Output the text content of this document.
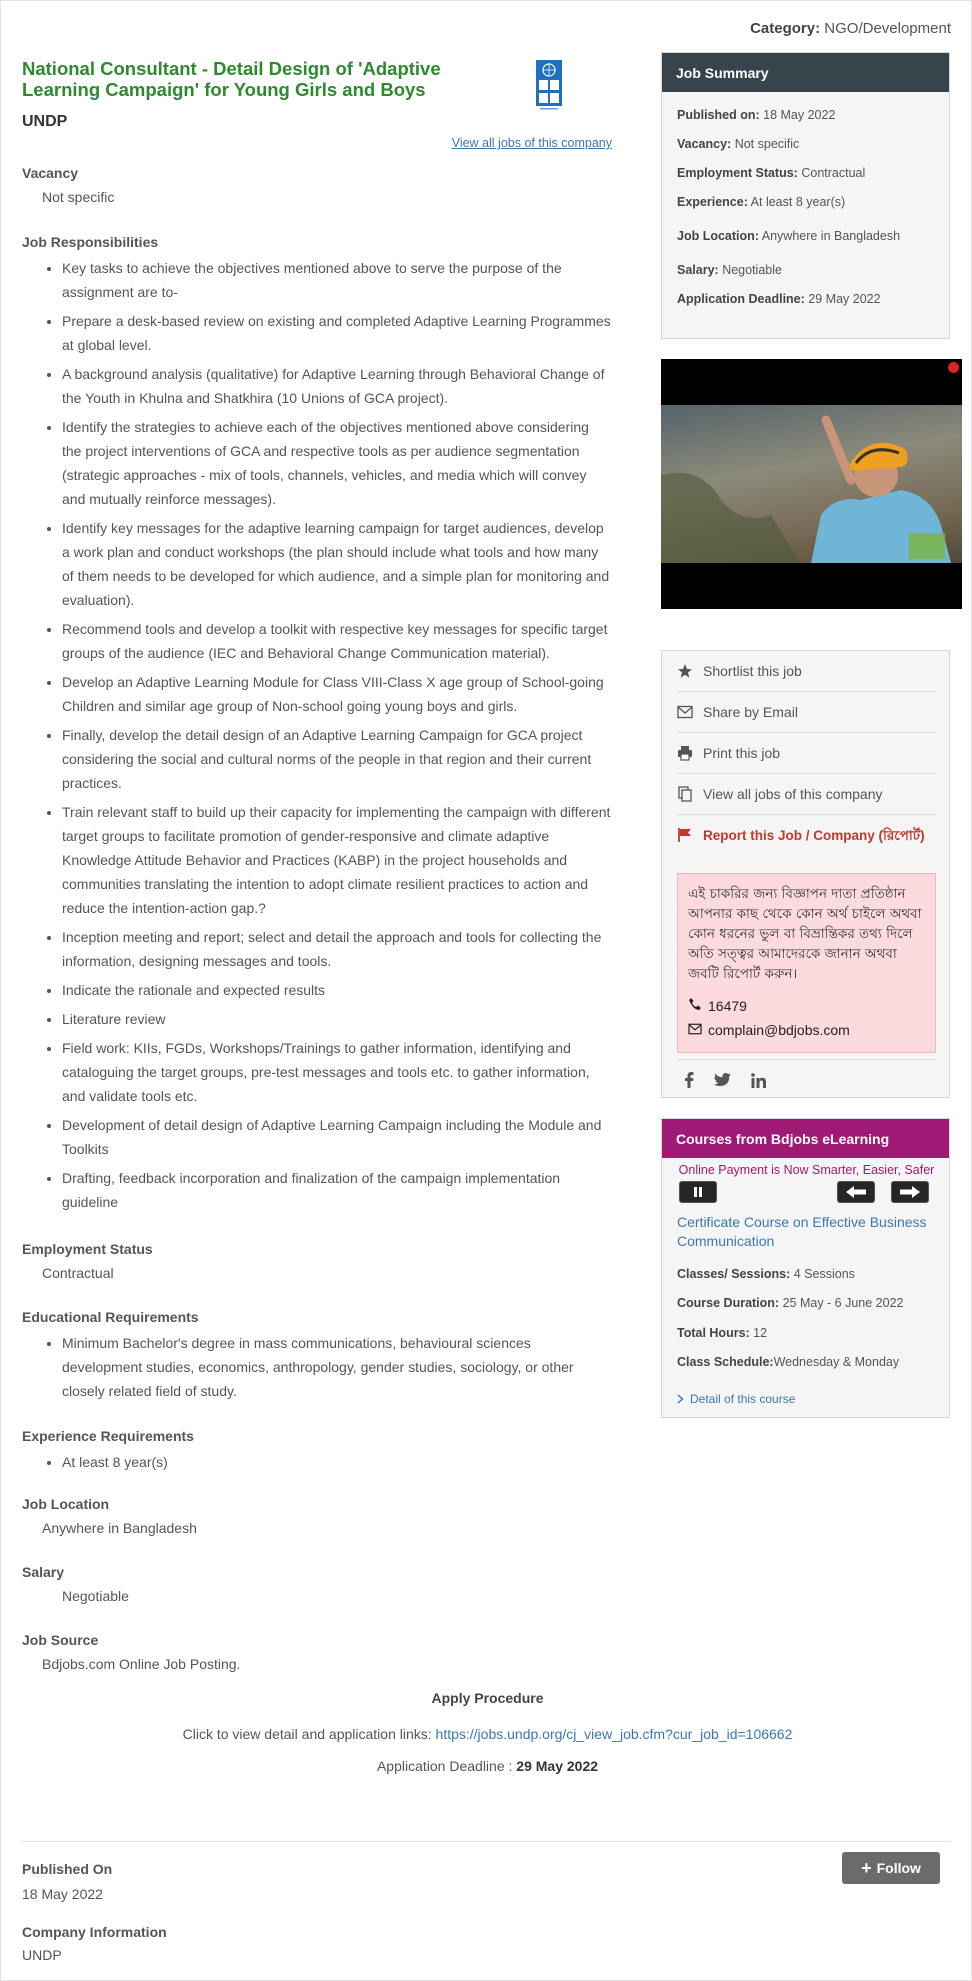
Category: NGO/Development
National Consultant - Detail Design of 'Adaptive Learning Campaign' for Young Girls and Boys
UNDP
View all jobs of this company
Vacancy
Not specific
Job Responsibilities
• Key tasks to achieve the objectives mentioned above to serve the purpose of the assignment are to-
• Prepare a desk-based review on existing and completed Adaptive Learning Programmes at global level.
• A background analysis (qualitative) for Adaptive Learning through Behavioral Change of the Youth in Khulna and Shatkhira (10 Unions of GCA project).
• Identify the strategies to achieve each of the objectives mentioned above considering the project interventions of GCA and respective tools as per audience segmentation (strategic approaches - mix of tools, channels, vehicles, and media which will convey and mutually reinforce messages).
• Identify key messages for the adaptive learning campaign for target audiences, develop a work plan and conduct workshops (the plan should include what tools and how many of them needs to be developed for which audience, and a simple plan for monitoring and evaluation).
• Recommend tools and develop a toolkit with respective key messages for specific target groups of the audience (IEC and Behavioral Change Communication material).
• Develop an Adaptive Learning Module for Class VIII-Class X age group of School-going Children and similar age group of Non-school going young boys and girls.
• Finally, develop the detail design of an Adaptive Learning Campaign for GCA project considering the social and cultural norms of the people in that region and their current practices.
• Train relevant staff to build up their capacity for implementing the campaign with different target groups to facilitate promotion of gender-responsive and climate adaptive Knowledge Attitude Behavior and Practices (KABP) in the project households and communities translating the intention to adopt climate resilient practices to action and reduce the intention-action gap.?
• Inception meeting and report; select and detail the approach and tools for collecting the information, designing messages and tools.
• Indicate the rationale and expected results
• Literature review
• Field work: KIIs, FGDs, Workshops/Trainings to gather information, identifying and cataloguing the target groups, pre-test messages and tools etc. to gather information, and validate tools etc.
• Development of detail design of Adaptive Learning Campaign including the Module and Toolkits
• Drafting, feedback incorporation and finalization of the campaign implementation guideline
Employment Status
Contractual
Educational Requirements
• Minimum Bachelor's degree in mass communications, behavioural sciences development studies, economics, anthropology, gender studies, sociology, or other closely related field of study.
Experience Requirements
• At least 8 year(s)
Job Location
Anywhere in Bangladesh
Salary
Negotiable
Job Source
Bdjobs.com Online Job Posting.
Apply Procedure
Click to view detail and application links: https://jobs.undp.org/cj_view_job.cfm?cur_job_id=106662
Application Deadline : 29 May 2022
Published On
18 May 2022
Company Information
UNDP
+ Follow
Job Summary
Published on: 18 May 2022
Vacancy: Not specific
Employment Status: Contractual
Experience: At least 8 year(s)
Job Location: Anywhere in Bangladesh
Salary: Negotiable
Application Deadline: 29 May 2022
Shortlist this job
Share by Email
Print this job
View all jobs of this company
Report this Job / Company (রিপোর্ট)
এই চাকরির জন্য বিজ্ঞাপন দাতা প্রতিষ্ঠান আপনার কাছ থেকে কোন অর্থ চাইলে অথবা কোন ধরনের ভুল বা বিভ্রান্তিকর তথ্য দিলে অতি সত্ত্বর আমাদেরকে জানান অথবা জবটি রিপোর্ট করুন।
16479
complain@bdjobs.com
Courses from Bdjobs eLearning
Online Payment is Now Smarter, Easier, Safer
Certificate Course on Effective Business Communication
Classes/ Sessions: 4 Sessions
Course Duration: 25 May - 6 June 2022
Total Hours: 12
Class Schedule:Wednesday & Monday
Detail of this course
